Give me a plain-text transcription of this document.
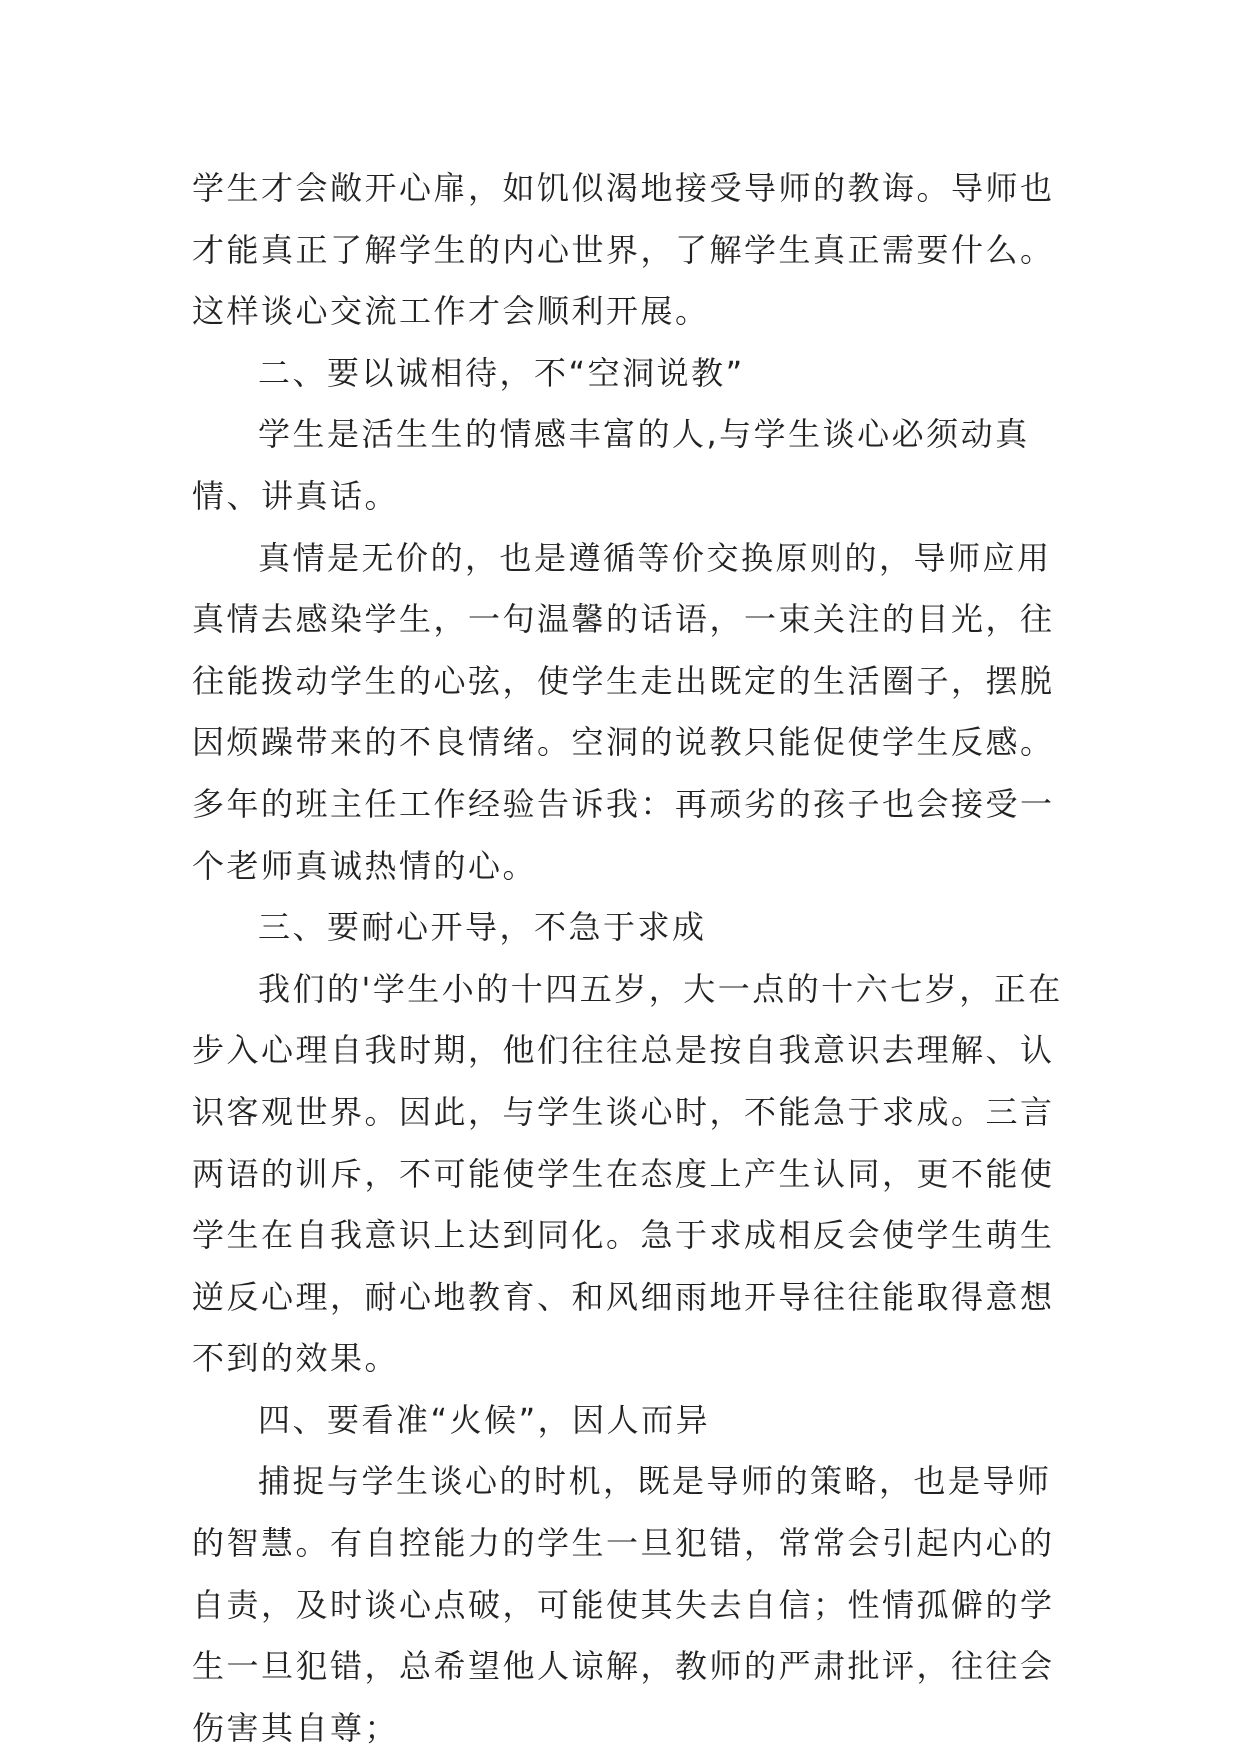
学生才会敞开心扉，如饥似渴地接受导师的教诲。导师也才能真正了解学生的内心世界，了解学生真正需要什么。这样谈心交流工作才会顺利开展。

二、要以诚相待，不“空洞说教”

学生是活生生的情感丰富的人,与学生谈心必须动真情、讲真话。

真情是无价的，也是遵循等价交换原则的，导师应用真情去感染学生，一句温馨的话语，一束关注的目光，往往能拨动学生的心弦，使学生走出既定的生活圈子，摆脱因烦躁带来的不良情绪。空洞的说教只能促使学生反感。多年的班主任工作经验告诉我：再顽劣的孩子也会接受一个老师真诚热情的心。

三、要耐心开导，不急于求成

我们的'学生小的十四五岁，大一点的十六七岁，正在步入心理自我时期，他们往往总是按自我意识去理解、认识客观世界。因此，与学生谈心时，不能急于求成。三言两语的训斥，不可能使学生在态度上产生认同，更不能使学生在自我意识上达到同化。急于求成相反会使学生萌生逆反心理，耐心地教育、和风细雨地开导往往能取得意想不到的效果。

四、要看准“火候”，因人而异

捕捉与学生谈心的时机，既是导师的策略，也是导师的智慧。有自控能力的学生一旦犯错，常常会引起内心的自责，及时谈心点破，可能使其失去自信；性情孤僻的学生一旦犯错，总希望他人谅解，教师的严肃批评，往往会伤害其自尊；
